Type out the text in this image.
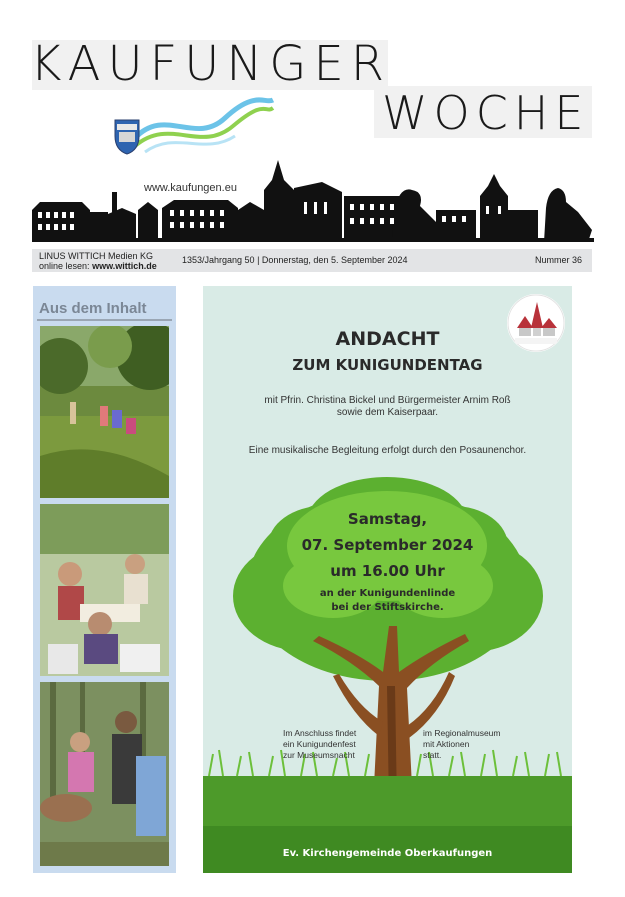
KAUFUNGER
WOCHE
www.kaufungen.eu
LINUS WITTICH Medien KG
online lesen: www.wittich.de
1353/Jahrgang 50 | Donnerstag, den 5. September 2024	Nummer 36
Aus dem Inhalt
ANDACHT
ZUM KUNIGUNDENTAG
mit Pfrin. Christina Bickel und Bürgermeister Arnim Roß
sowie dem Kaiserpaar.
Eine musikalische Begleitung erfolgt durch den Posaunenchor.
Samstag,
07. September 2024
um 16.00 Uhr
an der Kunigundenlinde
bei der Stiftskirche.
Im Anschluss findet
ein Kunigundenfest
zur Museumsnacht
im Regionalmuseum
mit Aktionen
statt.
Ev. Kirchengemeinde Oberkaufungen
